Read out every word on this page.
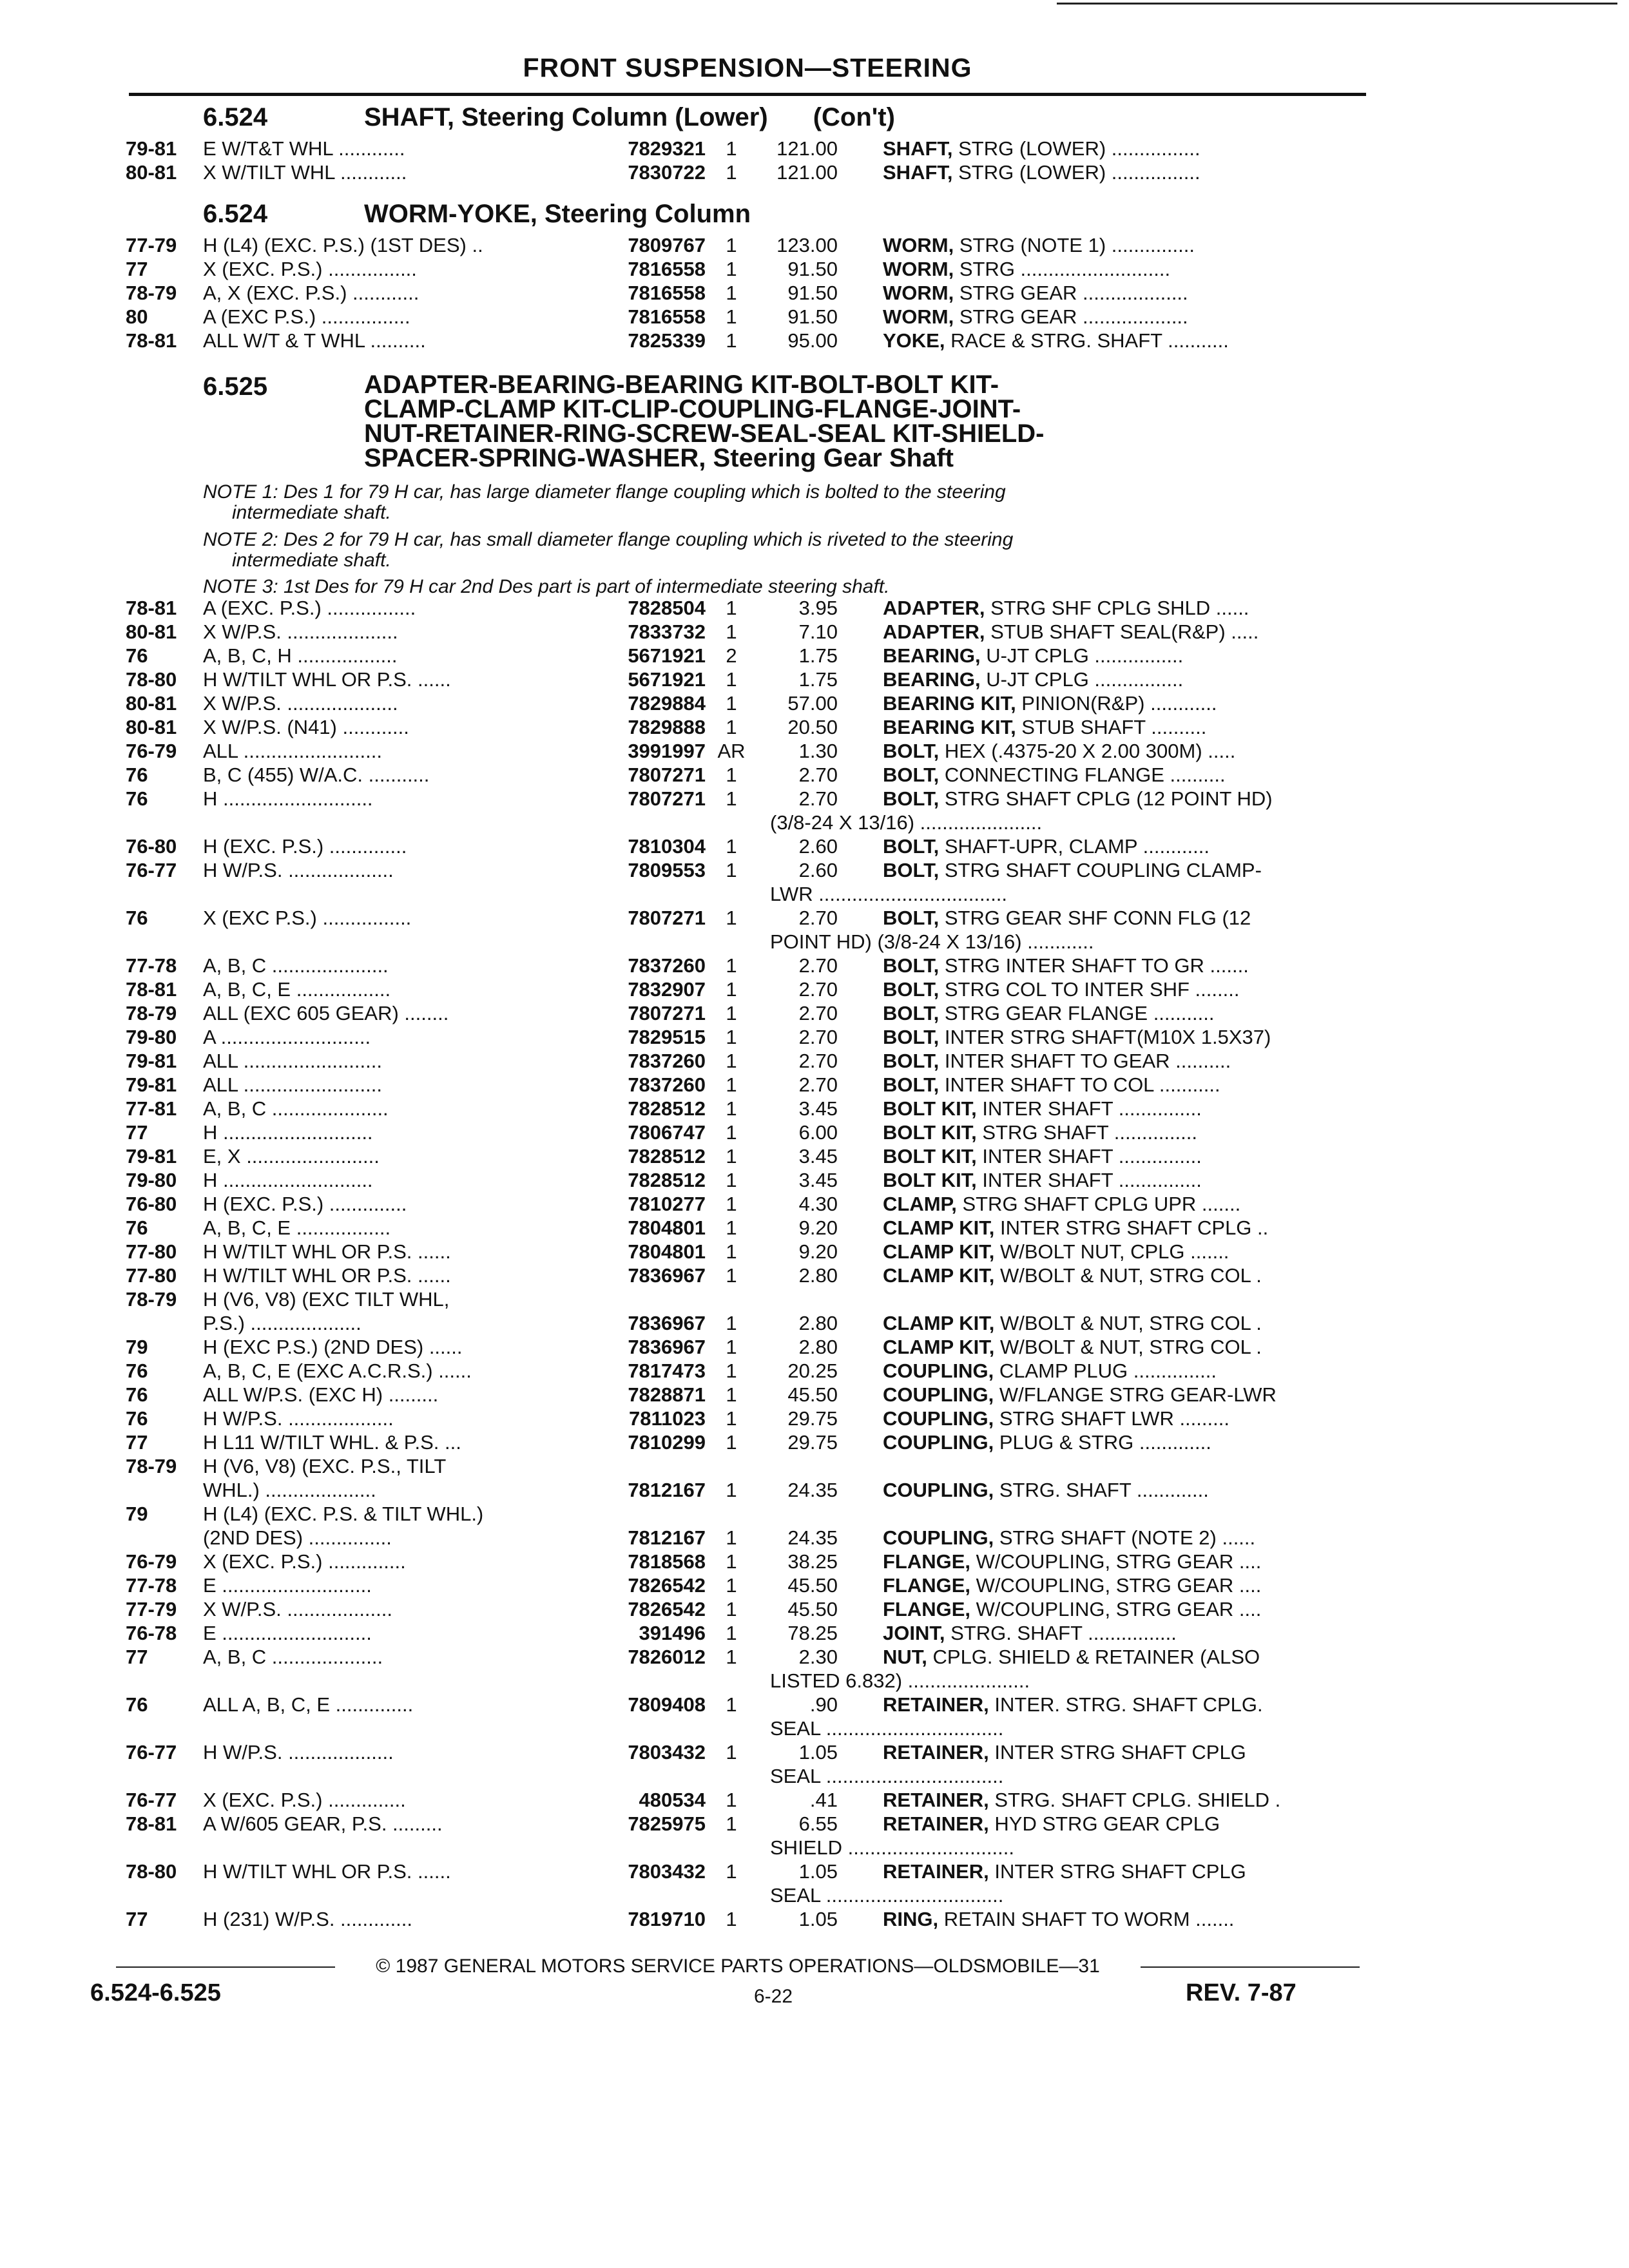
FRONT SUSPENSION—STEERING
6.524	SHAFT, Steering Column (Lower) (Con't)
79-81	E W/T&T WHL ............	7829321	1	121.00 SHAFT, STRG (LOWER) ................
80-81	X W/TILT WHL ............	7830722	1	121.00 SHAFT, STRG (LOWER) ................
6.524	WORM-YOKE, Steering Column
77-79	H (L4) (EXC. P.S.) (1ST DES) ..	7809767	1	123.00 WORM, STRG (NOTE 1) ...............
77	X (EXC. P.S.) ................	7816558	1	91.50 WORM, STRG ...........................
78-79	A, X (EXC. P.S.) ............	7816558	1	91.50 WORM, STRG GEAR ...................
80	A (EXC P.S.) ................	7816558	1	91.50 WORM, STRG GEAR ...................
78-81	ALL W/T & T WHL ..........	7825339	1	95.00 YOKE, RACE & STRG. SHAFT ...........
6.525	ADAPTER-BEARING-BEARING KIT-BOLT-BOLT KIT-
CLAMP-CLAMP KIT-CLIP-COUPLING-FLANGE-JOINT-
NUT-RETAINER-RING-SCREW-SEAL-SEAL KIT-SHIELD-
SPACER-SPRING-WASHER, Steering Gear Shaft
NOTE 1: Des 1 for 79 H car, has large diameter flange coupling which is bolted to the steering
intermediate shaft.
NOTE 2: Des 2 for 79 H car, has small diameter flange coupling which is riveted to the steering
intermediate shaft.
NOTE 3: 1st Des for 79 H car 2nd Des part is part of intermediate steering shaft.
78-81	A (EXC. P.S.) ................	7828504	1	3.95 ADAPTER, STRG SHF CPLG SHLD ......
80-81	X W/P.S. ....................	7833732	1	7.10 ADAPTER, STUB SHAFT SEAL(R&P) .....
76	A, B, C, H ..................	5671921	2	1.75 BEARING, U-JT CPLG ................
78-80	H W/TILT WHL OR P.S. ......	5671921	1	1.75 BEARING, U-JT CPLG ................
80-81	X W/P.S. ....................	7829884	1	57.00 BEARING KIT, PINION(R&P) ............
80-81	X W/P.S. (N41) ............	7829888	1	20.50 BEARING KIT, STUB SHAFT ..........
76-79	ALL .........................	3991997 AR	1.30 BOLT, HEX (.4375-20 X 2.00 300M) .....
76	B, C (455) W/A.C. ...........	7807271	1	2.70 BOLT, CONNECTING FLANGE ..........
76	H ...........................	7807271	1	2.70 BOLT, STRG SHAFT CPLG (12 POINT HD)
(3/8-24 X 13/16) ......................
76-80	H (EXC. P.S.) ..............	7810304	1	2.60 BOLT, SHAFT-UPR, CLAMP ............
76-77	H W/P.S. ...................	7809553	1	2.60 BOLT, STRG SHAFT COUPLING CLAMP-
LWR ..................................
76	X (EXC P.S.) ................	7807271	1	2.70 BOLT, STRG GEAR SHF CONN FLG (12
POINT HD) (3/8-24 X 13/16) ............
77-78	A, B, C .....................	7837260	1	2.70 BOLT, STRG INTER SHAFT TO GR .......
78-81	A, B, C, E .................	7832907	1	2.70 BOLT, STRG COL TO INTER SHF ........
78-79	ALL (EXC 605 GEAR) ........	7807271	1	2.70 BOLT, STRG GEAR FLANGE ...........
79-80	A ...........................	7829515	1	2.70 BOLT, INTER STRG SHAFT(M10X 1.5X37)
79-81	ALL .........................	7837260	1	2.70 BOLT, INTER SHAFT TO GEAR ..........
79-81	ALL .........................	7837260	1	2.70 BOLT, INTER SHAFT TO COL ...........
77-81	A, B, C .....................	7828512	1	3.45 BOLT KIT, INTER SHAFT ...............
77	H ...........................	7806747	1	6.00 BOLT KIT, STRG SHAFT ...............
79-81	E, X ........................	7828512	1	3.45 BOLT KIT, INTER SHAFT ...............
79-80	H ...........................	7828512	1	3.45 BOLT KIT, INTER SHAFT ...............
76-80	H (EXC. P.S.) ..............	7810277	1	4.30 CLAMP, STRG SHAFT CPLG UPR .......
76	A, B, C, E .................	7804801	1	9.20 CLAMP KIT, INTER STRG SHAFT CPLG ..
77-80	H W/TILT WHL OR P.S. ......	7804801	1	9.20 CLAMP KIT, W/BOLT NUT, CPLG .......
77-80	H W/TILT WHL OR P.S. ......	7836967	1	2.80 CLAMP KIT, W/BOLT & NUT, STRG COL .
78-79	H (V6, V8) (EXC TILT WHL,
P.S.) ....................	7836967	1	2.80 CLAMP KIT, W/BOLT & NUT, STRG COL .
79	H (EXC P.S.) (2ND DES) ......	7836967	1	2.80 CLAMP KIT, W/BOLT & NUT, STRG COL .
76	A, B, C, E (EXC A.C.R.S.) ......	7817473	1	20.25 COUPLING, CLAMP PLUG ...............
76	ALL W/P.S. (EXC H) .........	7828871	1	45.50 COUPLING, W/FLANGE STRG GEAR-LWR
76	H W/P.S. ...................	7811023	1	29.75 COUPLING, STRG SHAFT LWR .........
77	H L11 W/TILT WHL. & P.S. ...	7810299	1	29.75 COUPLING, PLUG & STRG .............
78-79	H (V6, V8) (EXC. P.S., TILT
WHL.) ....................	7812167	1	24.35 COUPLING, STRG. SHAFT .............
79	H (L4) (EXC. P.S. & TILT WHL.)
(2ND DES) ...............	7812167	1	24.35 COUPLING, STRG SHAFT (NOTE 2) ......
76-79	X (EXC. P.S.) ..............	7818568	1	38.25 FLANGE, W/COUPLING, STRG GEAR ....
77-78	E ...........................	7826542	1	45.50 FLANGE, W/COUPLING, STRG GEAR ....
77-79	X W/P.S. ...................	7826542	1	45.50 FLANGE, W/COUPLING, STRG GEAR ....
76-78	E ...........................	391496	1	78.25 JOINT, STRG. SHAFT ................
77	A, B, C ....................	7826012	1	2.30 NUT, CPLG. SHIELD & RETAINER (ALSO
LISTED 6.832) ......................
76	ALL A, B, C, E ..............	7809408	1	.90 RETAINER, INTER. STRG. SHAFT CPLG.
SEAL ................................
76-77	H W/P.S. ...................	7803432	1	1.05 RETAINER, INTER STRG SHAFT CPLG
SEAL ................................
76-77	X (EXC. P.S.) ..............	480534	1	.41 RETAINER, STRG. SHAFT CPLG. SHIELD .
78-81	A W/605 GEAR, P.S. .........	7825975	1	6.55 RETAINER, HYD STRG GEAR CPLG
SHIELD ..............................
78-80	H W/TILT WHL OR P.S. ......	7803432	1	1.05 RETAINER, INTER STRG SHAFT CPLG
SEAL ................................
77	H (231) W/P.S. .............	7819710	1	1.05 RING, RETAIN SHAFT TO WORM .......
© 1987 GENERAL MOTORS SERVICE PARTS OPERATIONS—OLDSMOBILE—31
6.524-6.525	6-22	REV. 7-87
